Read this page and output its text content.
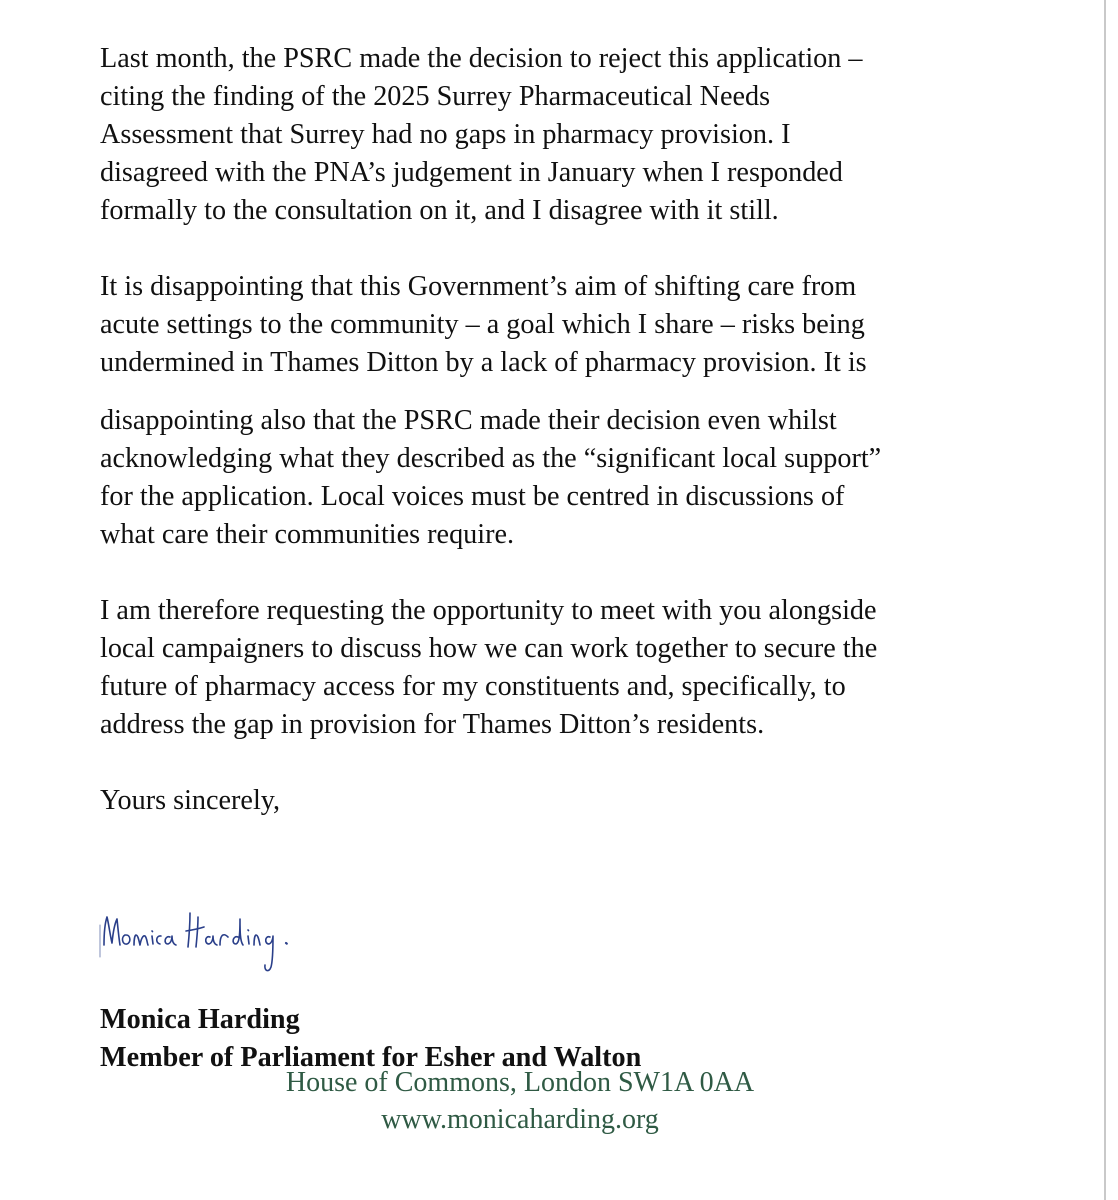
Last month, the PSRC made the decision to reject this application –
citing the finding of the 2025 Surrey Pharmaceutical Needs
Assessment that Surrey had no gaps in pharmacy provision. I
disagreed with the PNA’s judgement in January when I responded
formally to the consultation on it, and I disagree with it still.

It is disappointing that this Government’s aim of shifting care from
acute settings to the community – a goal which I share – risks being
undermined in Thames Ditton by a lack of pharmacy provision. It is

disappointing also that the PSRC made their decision even whilst
acknowledging what they described as the “significant local support”
for the application. Local voices must be centred in discussions of
what care their communities require.

I am therefore requesting the opportunity to meet with you alongside
local campaigners to discuss how we can work together to secure the
future of pharmacy access for my constituents and, specifically, to
address the gap in provision for Thames Ditton’s residents.

Yours sincerely,

Monica Harding
Member of Parliament for Esher and Walton
House of Commons, London SW1A 0AA
www.monicaharding.org
